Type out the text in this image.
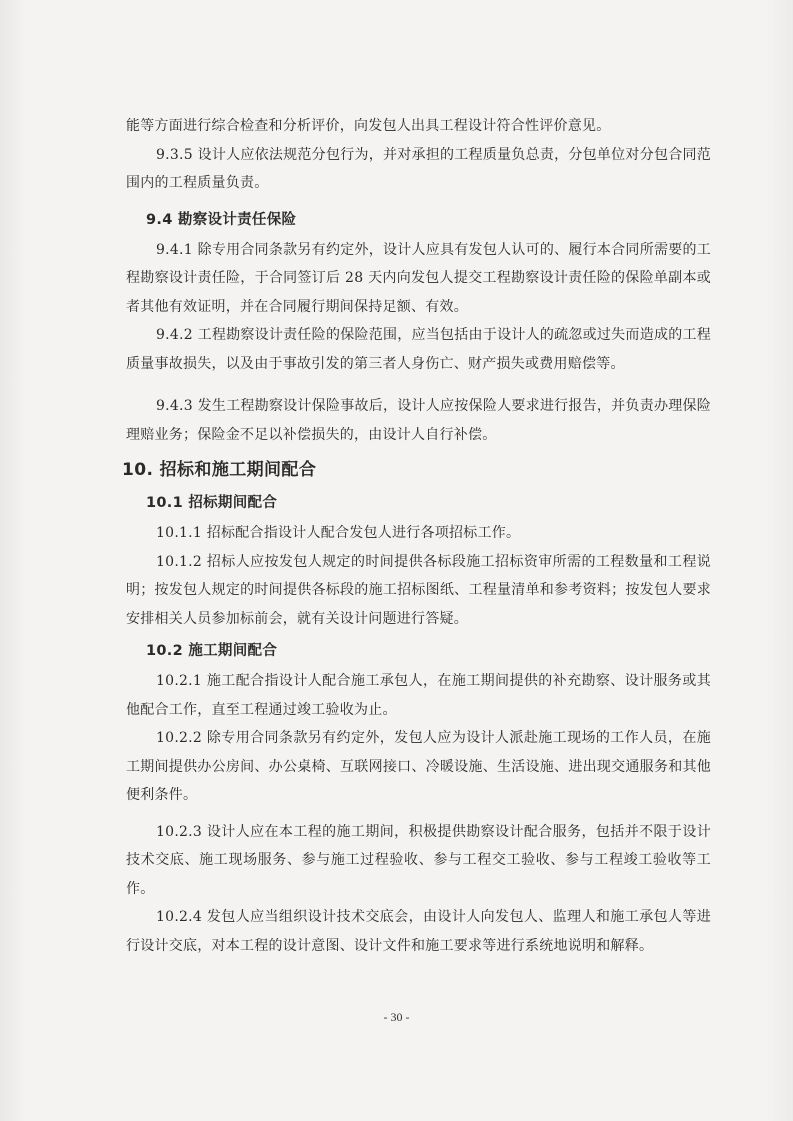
能等方面进行综合检查和分析评价，向发包人出具工程设计符合性评价意见。

9.3.5 设计人应依法规范分包行为，并对承担的工程质量负总责，分包单位对分包合同范围内的工程质量负责。

9.4 勘察设计责任保险

9.4.1 除专用合同条款另有约定外，设计人应具有发包人认可的、履行本合同所需要的工程勘察设计责任险，于合同签订后 28 天内向发包人提交工程勘察设计责任险的保险单副本或者其他有效证明，并在合同履行期间保持足额、有效。

9.4.2 工程勘察设计责任险的保险范围，应当包括由于设计人的疏忽或过失而造成的工程质量事故损失，以及由于事故引发的第三者人身伤亡、财产损失或费用赔偿等。

9.4.3 发生工程勘察设计保险事故后，设计人应按保险人要求进行报告，并负责办理保险理赔业务；保险金不足以补偿损失的，由设计人自行补偿。

10. 招标和施工期间配合
10.1 招标期间配合

10.1.1 招标配合指设计人配合发包人进行各项招标工作。

10.1.2 招标人应按发包人规定的时间提供各标段施工招标资审所需的工程数量和工程说明；按发包人规定的时间提供各标段的施工招标图纸、工程量清单和参考资料；按发包人要求安排相关人员参加标前会，就有关设计问题进行答疑。

10.2 施工期间配合

10.2.1 施工配合指设计人配合施工承包人，在施工期间提供的补充勘察、设计服务或其他配合工作，直至工程通过竣工验收为止。

10.2.2 除专用合同条款另有约定外，发包人应为设计人派赴施工现场的工作人员，在施工期间提供办公房间、办公桌椅、互联网接口、冷暖设施、生活设施、进出现交通服务和其他便利条件。

10.2.3 设计人应在本工程的施工期间，积极提供勘察设计配合服务，包括并不限于设计技术交底、施工现场服务、参与施工过程验收、参与工程交工验收、参与工程竣工验收等工作。

10.2.4 发包人应当组织设计技术交底会，由设计人向发包人、监理人和施工承包人等进行设计交底，对本工程的设计意图、设计文件和施工要求等进行系统地说明和解释。

- 30 -
